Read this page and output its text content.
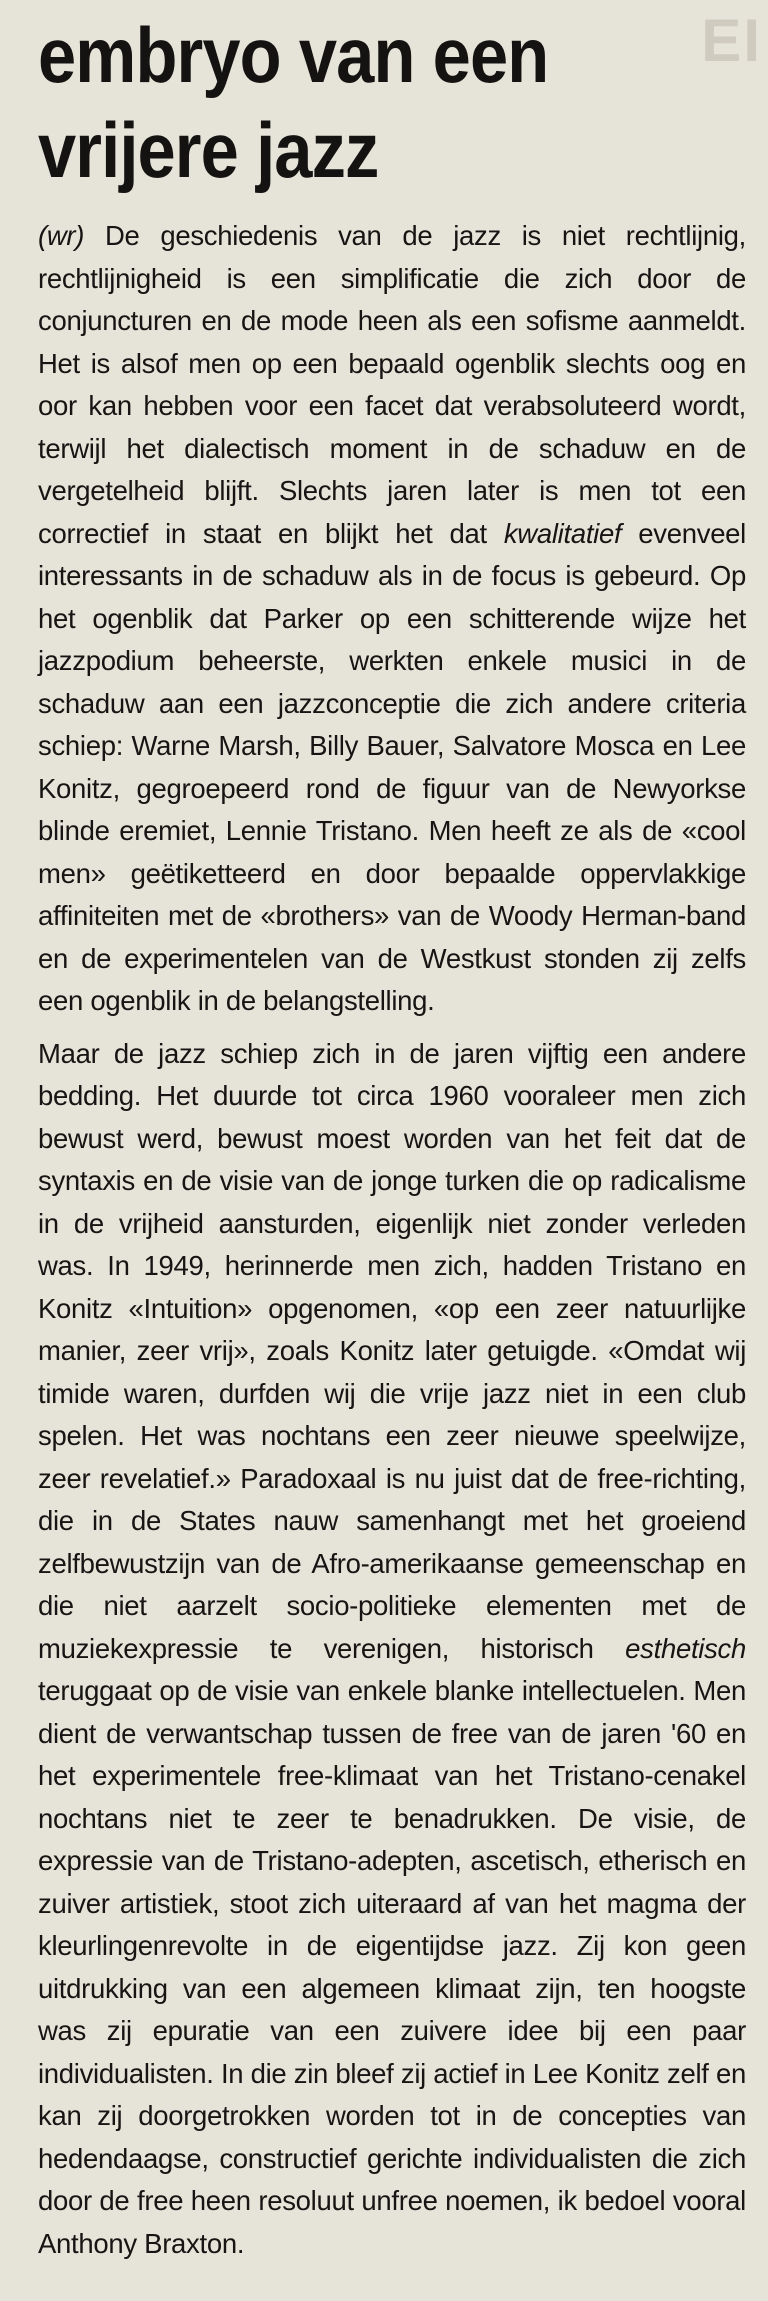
EI
embryo van een
vrijere jazz

(wr) De geschiedenis van de jazz is niet rechtlijnig, rechtlijnigheid is een simplificatie die zich door de conjuncturen en de mode heen als een sofisme aanmeldt. Het is alsof men op een bepaald ogenblik slechts oog en oor kan hebben voor een facet dat verabsoluteerd wordt, terwijl het dialectisch moment in de schaduw en de vergetelheid blijft. Slechts jaren later is men tot een correctief in staat en blijkt het dat kwalitatief evenveel interessants in de schaduw als in de focus is gebeurd. Op het ogenblik dat Parker op een schitterende wijze het jazzpodium beheerste, werkten enkele musici in de schaduw aan een jazzconceptie die zich andere criteria schiep: Warne Marsh, Billy Bauer, Salvatore Mosca en Lee Konitz, gegroepeerd rond de figuur van de Newyorkse blinde eremiet, Lennie Tristano. Men heeft ze als de «cool men» geëtiketteerd en door bepaalde oppervlakkige affiniteiten met de «brothers» van de Woody Herman-band en de experimentelen van de Westkust stonden zij zelfs een ogenblik in de belangstelling.

Maar de jazz schiep zich in de jaren vijftig een andere bedding. Het duurde tot circa 1960 vooraleer men zich bewust werd, bewust moest worden van het feit dat de syntaxis en de visie van de jonge turken die op radicalisme in de vrijheid aansturden, eigenlijk niet zonder verleden was. In 1949, herinnerde men zich, hadden Tristano en Konitz «Intuition» opgenomen, «op een zeer natuurlijke manier, zeer vrij», zoals Konitz later getuigde. «Omdat wij timide waren, durfden wij die vrije jazz niet in een club spelen. Het was nochtans een zeer nieuwe speelwijze, zeer revelatief.» Paradoxaal is nu juist dat de free-richting, die in de States nauw samenhangt met het groeiend zelfbewustzijn van de Afro-amerikaanse gemeenschap en die niet aarzelt socio-politieke elementen met de muziekexpressie te verenigen, historisch esthetisch teruggaat op de visie van enkele blanke intellectuelen. Men dient de verwantschap tussen de free van de jaren '60 en het experimentele free-klimaat van het Tristano-cenakel nochtans niet te zeer te benadrukken. De visie, de expressie van de Tristano-adepten, ascetisch, etherisch en zuiver artistiek, stoot zich uiteraard af van het magma der kleurlingenrevolte in de eigentijdse jazz. Zij kon geen uitdrukking van een algemeen klimaat zijn, ten hoogste was zij epuratie van een zuivere idee bij een paar individualisten. In die zin bleef zij actief in Lee Konitz zelf en kan zij doorgetrokken worden tot in de concepties van hedendaagse, constructief gerichte individualisten die zich door de free heen resoluut unfree noemen, ik bedoel vooral Anthony Braxton.
